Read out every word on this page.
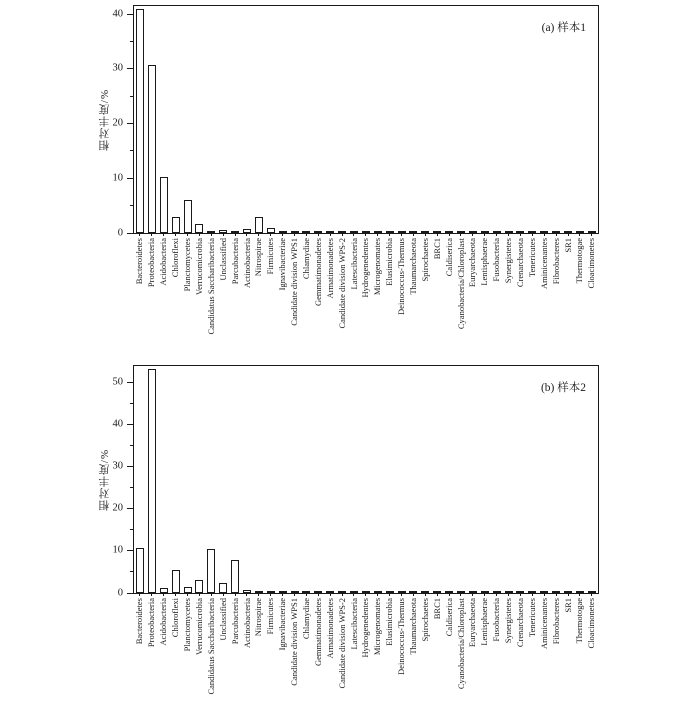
相对丰度/%
(a) 样本1
0
10
20
30
40
Bacteroidetes Proteobacteria Acidobacteria Chloroflexi Planctomycetes Verrucomicrobia Candidatus Saccharibacteria Unclassified Parcubacteria Actinobacteria Nitrospirae Firmicutes Ignavibacteriae Candidate division WPS1 Chlamydiae Gemmatimonadetes Armatimonadetes Candidate division WPS-2 Latescibacteria Hydrogenedentes Microgenomates Elusimicrobia Deinococcus-Thermus Thaumarchaeota Spirochaetes BRC1 Caldiserica Cyanobacteria/Chloroplast Euryarchaeota Lentisphaerae Fusobacteria Synergistetes Crenarchaeota Tenericutes Aminicenantes Fibrobacteres SR1 Thermotogae Cloacimonetes
相对丰度/%
(b) 样本2
0
10
20
30
40
50
Bacteroidetes Proteobacteria Acidobacteria Chloroflexi Planctomycetes Verrucomicrobia Candidatus Saccharibacteria Unclassified Parcubacteria Actinobacteria Nitrospirae Firmicutes Ignavibacteriae Candidate division WPS1 Chlamydiae Gemmatimonadetes Armatimonadetes Candidate division WPS-2 Latescibacteria Hydrogenedentes Microgenomates Elusimicrobia Deinococcus-Thermus Thaumarchaeota Spirochaetes BRC1 Caldiserica Cyanobacteria/Chloroplast Euryarchaeota Lentisphaerae Fusobacteria Synergistetes Crenarchaeota Tenericutes Aminicenantes Fibrobacteres SR1 Thermotogae Cloacimonetes
